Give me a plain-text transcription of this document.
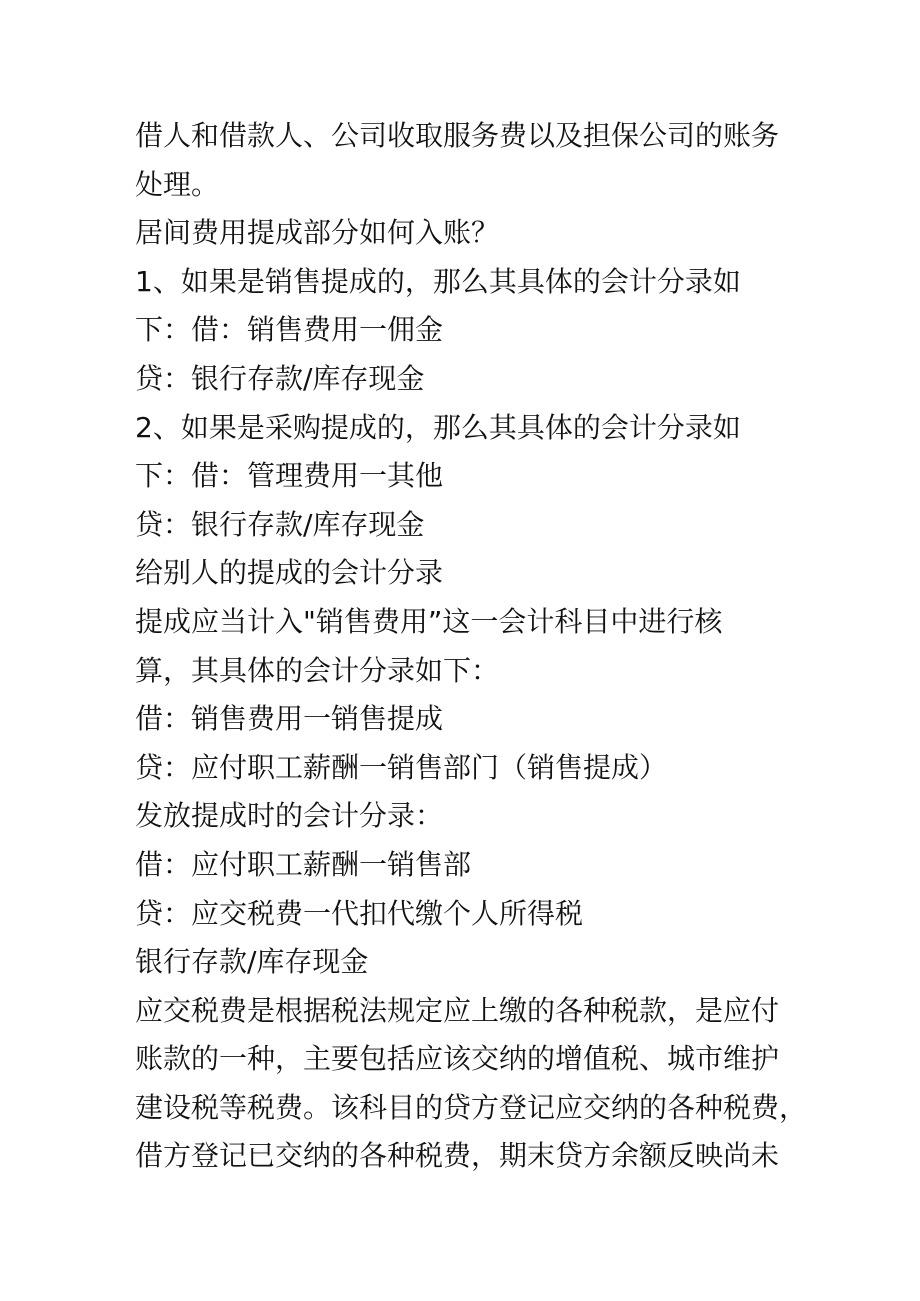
借人和借款人、公司收取服务费以及担保公司的账务

处理。

居间费用提成部分如何入账？

1、如果是销售提成的，那么其具体的会计分录如

下：借：销售费用一佣金

贷：银行存款/库存现金

2、如果是采购提成的，那么其具体的会计分录如

下：借：管理费用一其他

贷：银行存款/库存现金

给别人的提成的会计分录

提成应当计入"销售费用”这一会计科目中进行核

算，其具体的会计分录如下：

借：销售费用一销售提成

贷：应付职工薪酬一销售部门（销售提成）

发放提成时的会计分录：

借：应付职工薪酬一销售部

贷：应交税费一代扣代缴个人所得税

银行存款/库存现金

应交税费是根据税法规定应上缴的各种税款，是应付

账款的一种，主要包括应该交纳的增值税、城市维护

建设税等税费。该科目的贷方登记应交纳的各种税费，

借方登记已交纳的各种税费，期末贷方余额反映尚未
